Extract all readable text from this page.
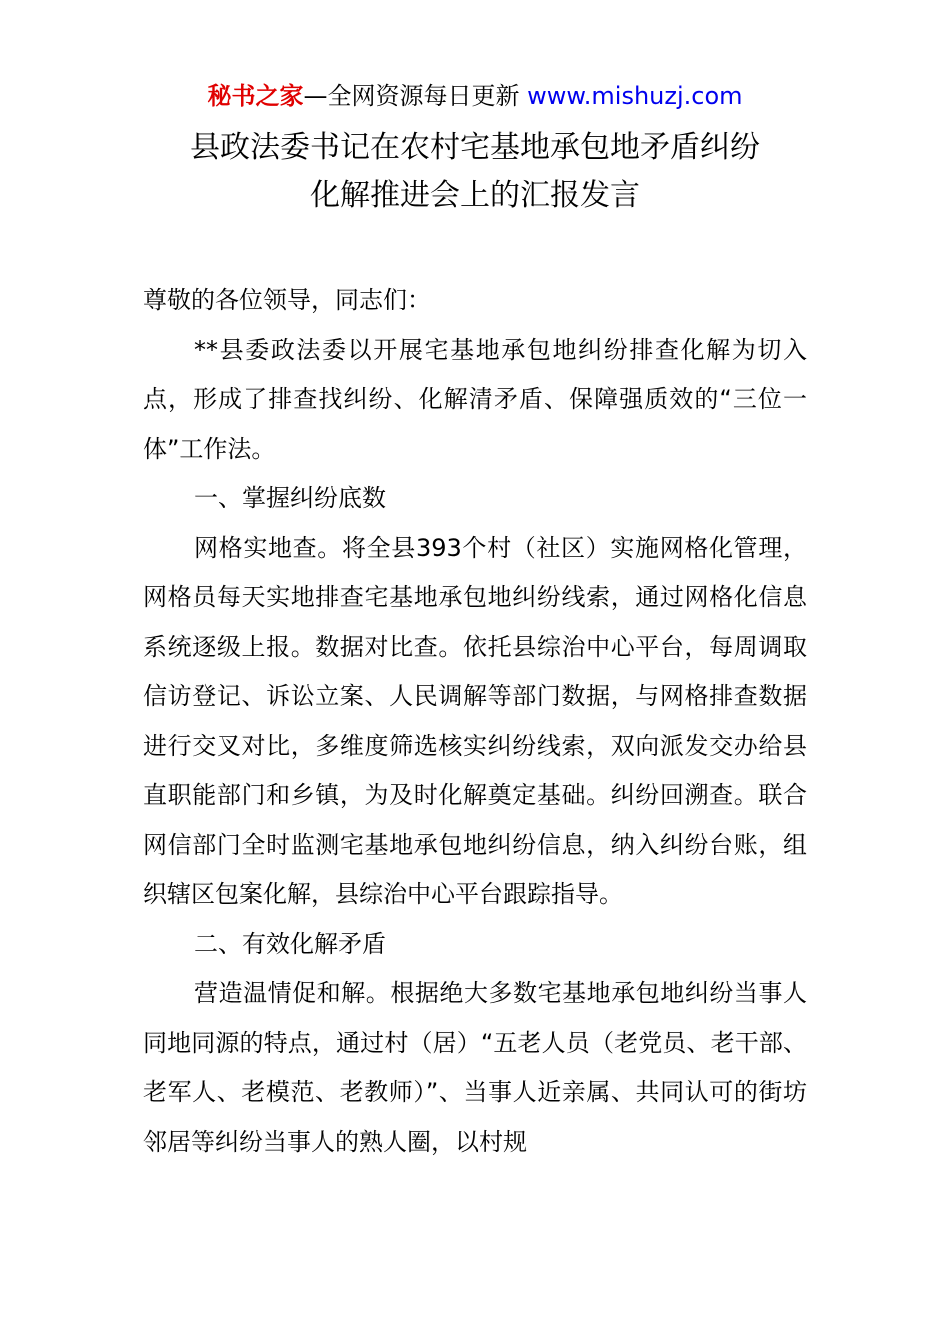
秘书之家—全网资源每日更新 www.mishuzj.com
县政法委书记在农村宅基地承包地矛盾纠纷
化解推进会上的汇报发言

尊敬的各位领导，同志们：

**县委政法委以开展宅基地承包地纠纷排查化解为切入点，形成了排查找纠纷、化解清矛盾、保障强质效的“三位一体”工作法。

一、掌握纠纷底数

网格实地查。将全县393个村（社区）实施网格化管理，网格员每天实地排查宅基地承包地纠纷线索，通过网格化信息系统逐级上报。数据对比查。依托县综治中心平台，每周调取信访登记、诉讼立案、人民调解等部门数据，与网格排查数据进行交叉对比，多维度筛选核实纠纷线索，双向派发交办给县直职能部门和乡镇，为及时化解奠定基础。纠纷回溯查。联合网信部门全时监测宅基地承包地纠纷信息，纳入纠纷台账，组织辖区包案化解，县综治中心平台跟踪指导。

二、有效化解矛盾

营造温情促和解。根据绝大多数宅基地承包地纠纷当事人同地同源的特点，通过村（居）“五老人员（老党员、老干部、老军人、老模范、老教师）”、当事人近亲属、共同认可的街坊邻居等纠纷当事人的熟人圈，以村规
